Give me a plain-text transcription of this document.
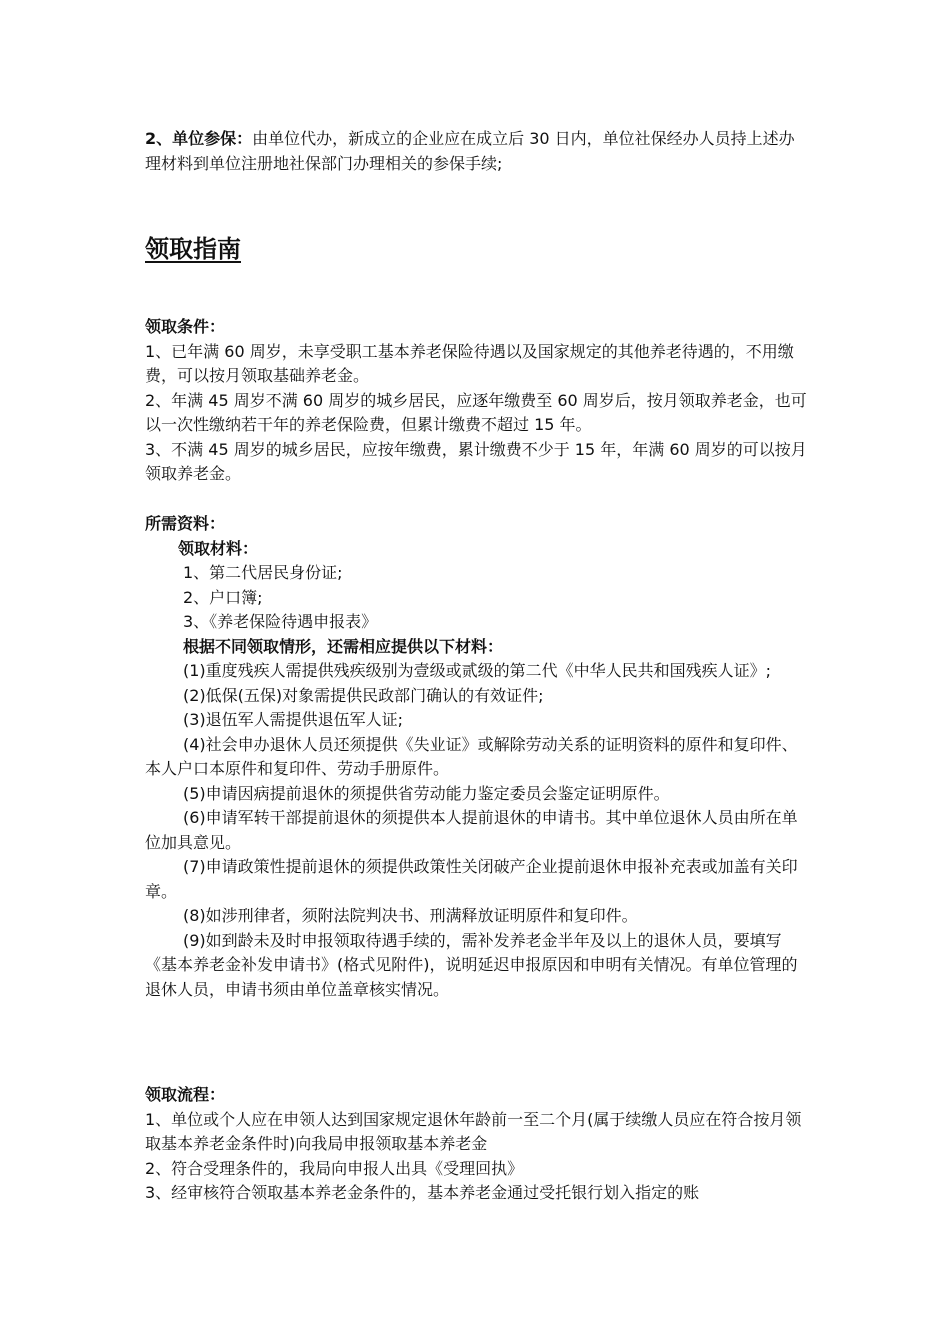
2、单位参保：由单位代办，新成立的企业应在成立后 30 日内，单位社保经办人员持上述办理材料到单位注册地社保部门办理相关的参保手续;

领取指南

领取条件：

1、已年满 60 周岁，未享受职工基本养老保险待遇以及国家规定的其他养老待遇的，不用缴费，可以按月领取基础养老金。

2、年满 45 周岁不满 60 周岁的城乡居民，应逐年缴费至 60 周岁后，按月领取养老金，也可以一次性缴纳若干年的养老保险费，但累计缴费不超过 15 年。

3、不满 45 周岁的城乡居民，应按年缴费，累计缴费不少于 15 年，年满 60 周岁的可以按月领取养老金。

所需资料：

领取材料：

1、第二代居民身份证;

2、户口簿;

3、《养老保险待遇申报表》

根据不同领取情形，还需相应提供以下材料：

(1)重度残疾人需提供残疾级别为壹级或贰级的第二代《中华人民共和国残疾人证》;

(2)低保(五保)对象需提供民政部门确认的有效证件;

(3)退伍军人需提供退伍军人证;

(4)社会申办退休人员还须提供《失业证》或解除劳动关系的证明资料的原件和复印件、本人户口本原件和复印件、劳动手册原件。

(5)申请因病提前退休的须提供省劳动能力鉴定委员会鉴定证明原件。

(6)申请军转干部提前退休的须提供本人提前退休的申请书。其中单位退休人员由所在单位加具意见。

(7)申请政策性提前退休的须提供政策性关闭破产企业提前退休申报补充表或加盖有关印章。

(8)如涉刑律者，须附法院判决书、刑满释放证明原件和复印件。

(9)如到龄未及时申报领取待遇手续的，需补发养老金半年及以上的退休人员，要填写《基本养老金补发申请书》(格式见附件)，说明延迟申报原因和申明有关情况。有单位管理的退休人员，申请书须由单位盖章核实情况。

领取流程：

1、单位或个人应在申领人达到国家规定退休年龄前一至二个月(属于续缴人员应在符合按月领取基本养老金条件时)向我局申报领取基本养老金

2、符合受理条件的，我局向申报人出具《受理回执》

3、经审核符合领取基本养老金条件的，基本养老金通过受托银行划入指定的账
